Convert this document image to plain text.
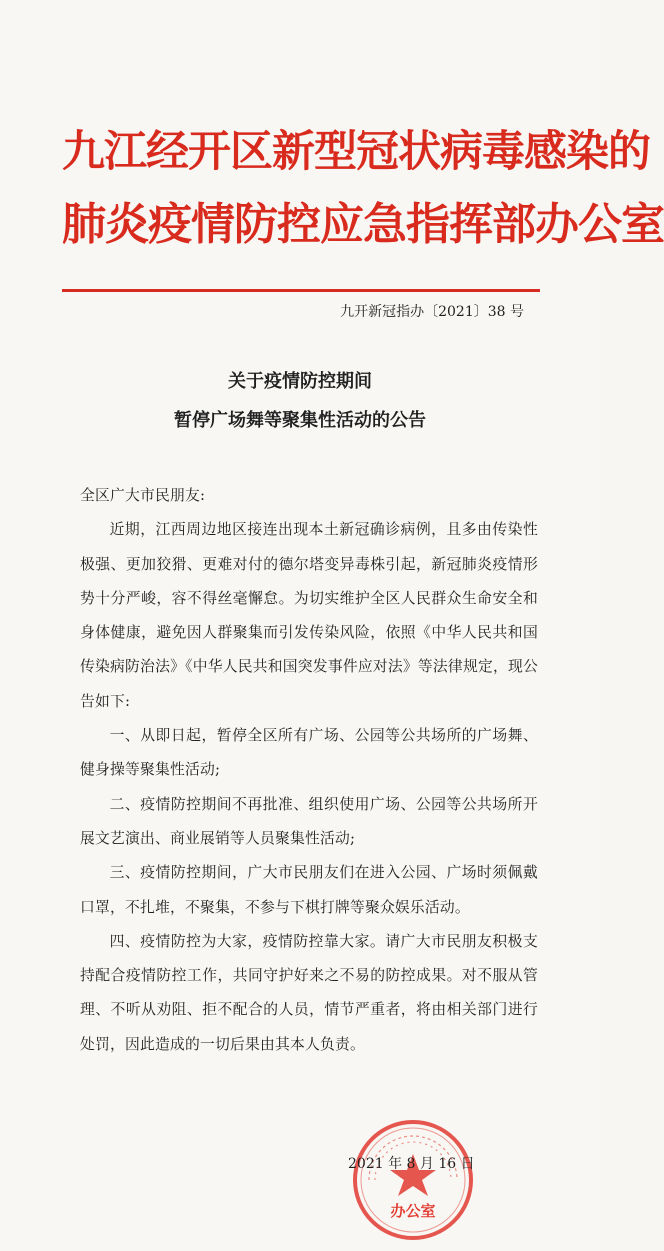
九江经开区新型冠状病毒感染的
肺炎疫情防控应急指挥部办公室
九开新冠指办〔2021〕38 号
关于疫情防控期间
暂停广场舞等聚集性活动的公告

全区广大市民朋友:

近期，江西周边地区接连出现本土新冠确诊病例，且多由传染性极强、更加狡猾、更难对付的德尔塔变异毒株引起，新冠肺炎疫情形势十分严峻，容不得丝毫懈怠。为切实维护全区人民群众生命安全和身体健康，避免因人群聚集而引发传染风险，依照《中华人民共和国传染病防治法》《中华人民共和国突发事件应对法》等法律规定，现公告如下:

一、从即日起，暂停全区所有广场、公园等公共场所的广场舞、健身操等聚集性活动;

二、疫情防控期间不再批准、组织使用广场、公园等公共场所开展文艺演出、商业展销等人员聚集性活动;

三、疫情防控期间，广大市民朋友们在进入公园、广场时须佩戴口罩，不扎堆，不聚集，不参与下棋打牌等聚众娱乐活动。

四、疫情防控为大家，疫情防控靠大家。请广大市民朋友积极支持配合疫情防控工作，共同守护好来之不易的防控成果。对不服从管理、不听从劝阻、拒不配合的人员，情节严重者，将由相关部门进行处罚，因此造成的一切后果由其本人负责。

办公室
2021 年 8 月 16 日
